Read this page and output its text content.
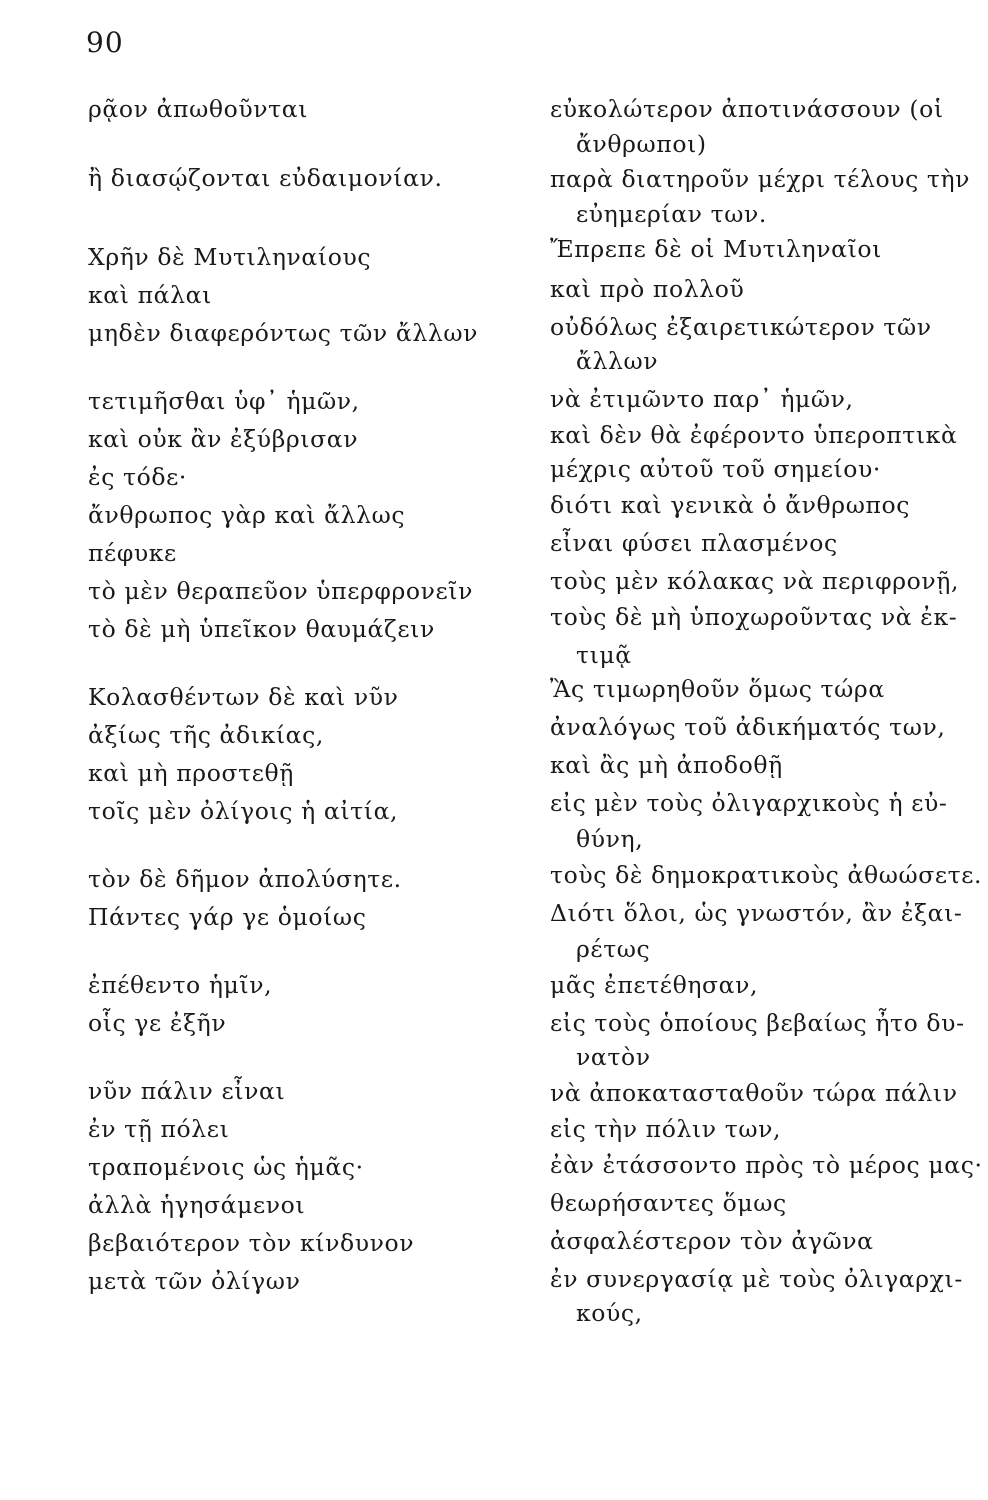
90
ρᾷον ἀπωθοῦνται
ἢ διασῴζονται εὐδαιμονίαν.
Χρῆν δὲ Μυτιληναίους
καὶ πάλαι
μηδὲν διαφερόντως τῶν ἄλλων
τετιμῆσθαι ὑφ᾽ ἡμῶν,
καὶ οὐκ ἂν ἐξύβρισαν
ἐς τόδε·
ἄνθρωπος γὰρ καὶ ἄλλως
πέφυκε
τὸ μὲν θεραπεῦον ὑπερφρονεῖν
τὸ δὲ μὴ ὑπεῖκον θαυμάζειν
Κολασθέντων δὲ καὶ νῦν
ἀξίως τῆς ἀδικίας,
καὶ μὴ προστεθῇ
τοῖς μὲν ὀλίγοις ἡ αἰτία,
τὸν δὲ δῆμον ἀπολύσητε.
Πάντες γάρ γε ὁμοίως
ἐπέθεντο ἡμῖν,
οἷς γε ἐξῆν
νῦν πάλιν εἶναι
ἐν τῇ πόλει
τραπομένοις ὡς ἡμᾶς·
ἀλλὰ ἡγησάμενοι
βεβαιότερον τὸν κίνδυνον
μετὰ τῶν ὀλίγων
εὐκολώτερον ἀποτινάσσουν (οἱ
ἄνθρωποι)
παρὰ διατηροῦν μέχρι τέλους τὴν
εὐημερίαν των.
Ἔπρεπε δὲ οἱ Μυτιληναῖοι
καὶ πρὸ πολλοῦ
οὐδόλως ἐξαιρετικώτερον τῶν
ἄλλων
νὰ ἐτιμῶντο παρ᾽ ἡμῶν,
καὶ δὲν θὰ ἐφέροντο ὑπεροπτικὰ
μέχρις αὐτοῦ τοῦ σημείου·
διότι καὶ γενικὰ ὁ ἄνθρωπος
εἶναι φύσει πλασμένος
τοὺς μὲν κόλακας νὰ περιφρονῇ,
τοὺς δὲ μὴ ὑποχωροῦντας νὰ ἐκ-
τιμᾷ
Ἂς τιμωρηθοῦν ὅμως τώρα
ἀναλόγως τοῦ ἀδικήματός των,
καὶ ἂς μὴ ἀποδοθῇ
εἰς μὲν τοὺς ὀλιγαρχικοὺς ἡ εὐ-
θύνη,
τοὺς δὲ δημοκρατικοὺς ἀθωώσετε.
Διότι ὅλοι, ὡς γνωστόν, ἂν ἐξαι-
ρέτως
μᾶς ἐπετέθησαν,
εἰς τοὺς ὁποίους βεβαίως ἦτο δυ-
νατὸν
νὰ ἀποκατασταθοῦν τώρα πάλιν
εἰς τὴν πόλιν των,
ἐὰν ἐτάσσοντο πρὸς τὸ μέρος μας·
θεωρήσαντες ὅμως
ἀσφαλέστερον τὸν ἀγῶνα
ἐν συνεργασίᾳ μὲ τοὺς ὀλιγαρχι-
κούς,
